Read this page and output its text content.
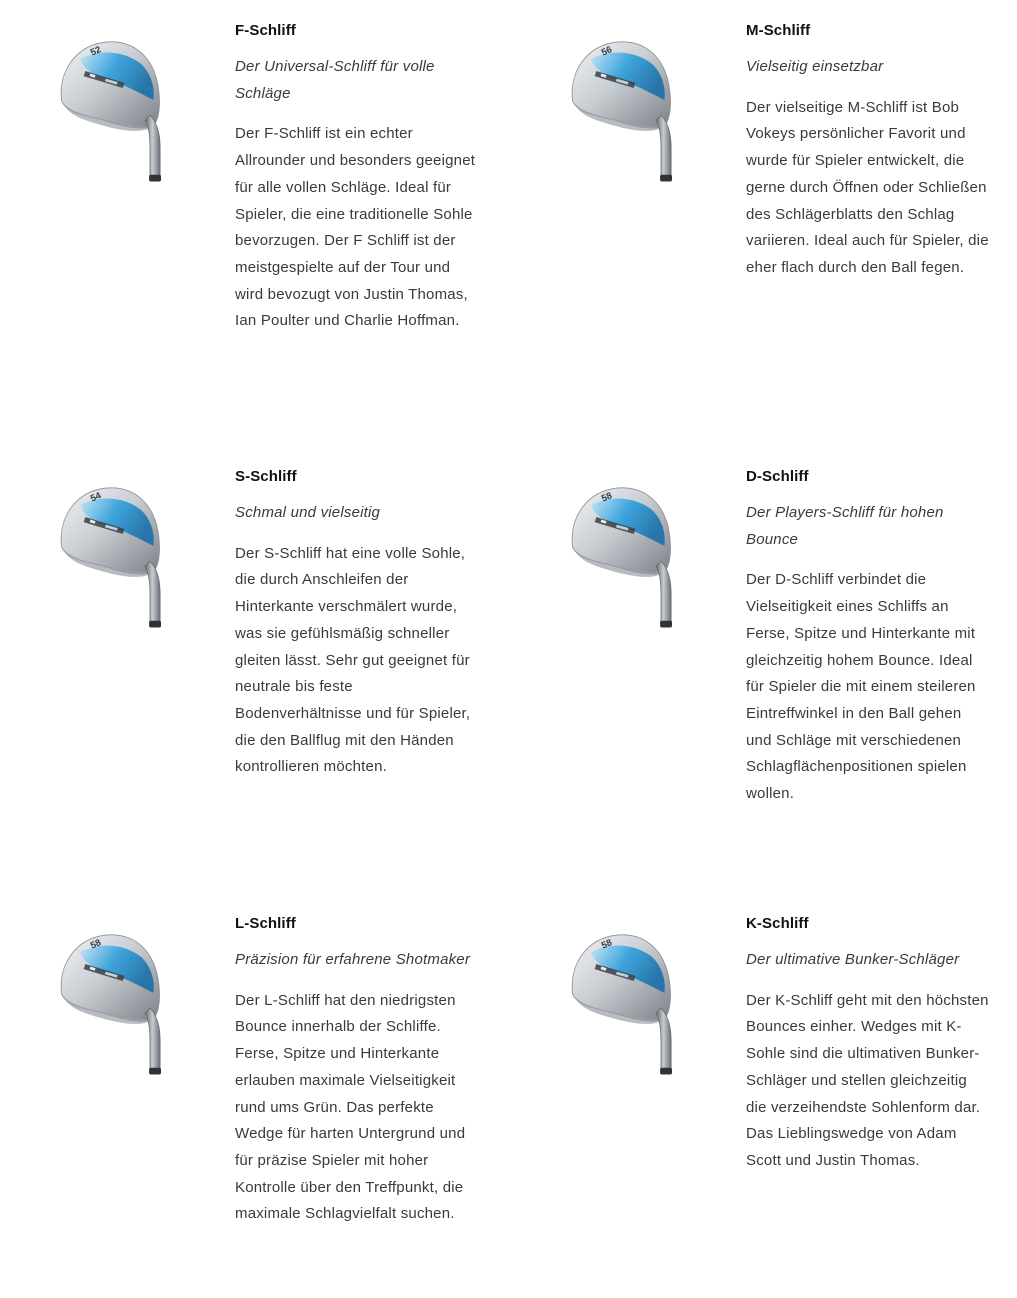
52
F-Schliff

Der Universal-Schliff für volle Schläge

Der F-Schliff ist ein echter Allrounder und besonders geeignet für alle vollen Schläge. Ideal für Spieler, die eine traditionelle Sohle bevorzugen. Der F Schliff ist der meistgespielte auf der Tour und wird bevozugt von Justin Thomas, Ian Poulter und Charlie Hoffman.

56
M-Schliff

Vielseitig einsetzbar

Der vielseitige M-Schliff ist Bob Vokeys persönlicher Favorit und wurde für Spieler entwickelt, die gerne durch Öffnen oder Schließen des Schlägerblatts den Schlag variieren. Ideal auch für Spieler, die eher flach durch den Ball fegen.

54
S-Schliff

Schmal und vielseitig

Der S-Schliff hat eine volle Sohle, die durch Anschleifen der Hinterkante verschmälert wurde, was sie gefühlsmäßig schneller gleiten lässt. Sehr gut geeignet für neutrale bis feste Bodenverhältnisse und für Spieler, die den Ballflug mit den Händen kontrollieren möchten.

58
D-Schliff

Der Players-Schliff für hohen Bounce

Der D-Schliff verbindet die Vielseitigkeit eines Schliffs an Ferse, Spitze und Hinterkante mit gleichzeitig hohem Bounce. Ideal für Spieler die mit einem steileren Eintreffwinkel in den Ball gehen und Schläge mit verschiedenen Schlagflächenpositionen spielen wollen.

58
L-Schliff

Präzision für erfahrene Shotmaker

Der L-Schliff hat den niedrigsten Bounce innerhalb der Schliffe. Ferse, Spitze und Hinterkante erlauben maximale Vielseitigkeit rund ums Grün. Das perfekte Wedge für harten Untergrund und für präzise Spieler mit hoher Kontrolle über den Treffpunkt, die maximale Schlagvielfalt suchen.

58
K-Schliff

Der ultimative Bunker-Schläger

Der K-Schliff geht mit den höchsten Bounces einher. Wedges mit K-Sohle sind die ultimativen Bunker-Schläger und stellen gleichzeitig die verzeihendste Sohlenform dar. Das Lieblingswedge von Adam Scott und Justin Thomas.
